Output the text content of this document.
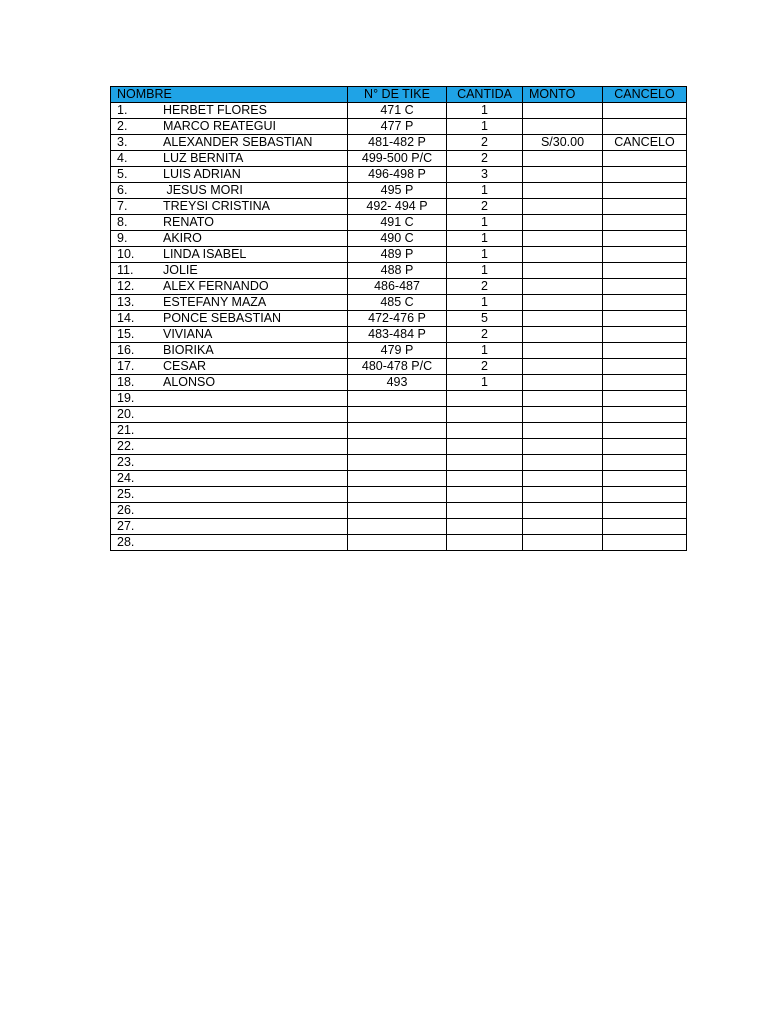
NOMBRE	N° DE TIKE	CANTIDA	MONTO	CANCELO
1. HERBET FLORES	471 C	1		
2. MARCO REATEGUI	477 P	1		
3. ALEXANDER SEBASTIAN	481-482 P	2	S/30.00	CANCELO
4. LUZ BERNITA	499-500 P/C	2		
5. LUIS ADRIAN	496-498 P	3		
6. JESUS MORI	495 P	1		
7. TREYSI CRISTINA	492- 494 P	2		
8. RENATO	491 C	1		
9. AKIRO	490 C	1		
10. LINDA ISABEL	489 P	1		
11. JOLIE	488 P	1		
12. ALEX FERNANDO	486-487	2		
13. ESTEFANY MAZA	485 C	1		
14. PONCE SEBASTIAN	472-476 P	5		
15. VIVIANA	483-484 P	2		
16. BIORIKA	479 P	1		
17. CESAR	480-478 P/C	2		
18. ALONSO	493	1		
19.				
20.				
21.				
22.				
23.				
24.				
25.				
26.				
27.				
28.				
